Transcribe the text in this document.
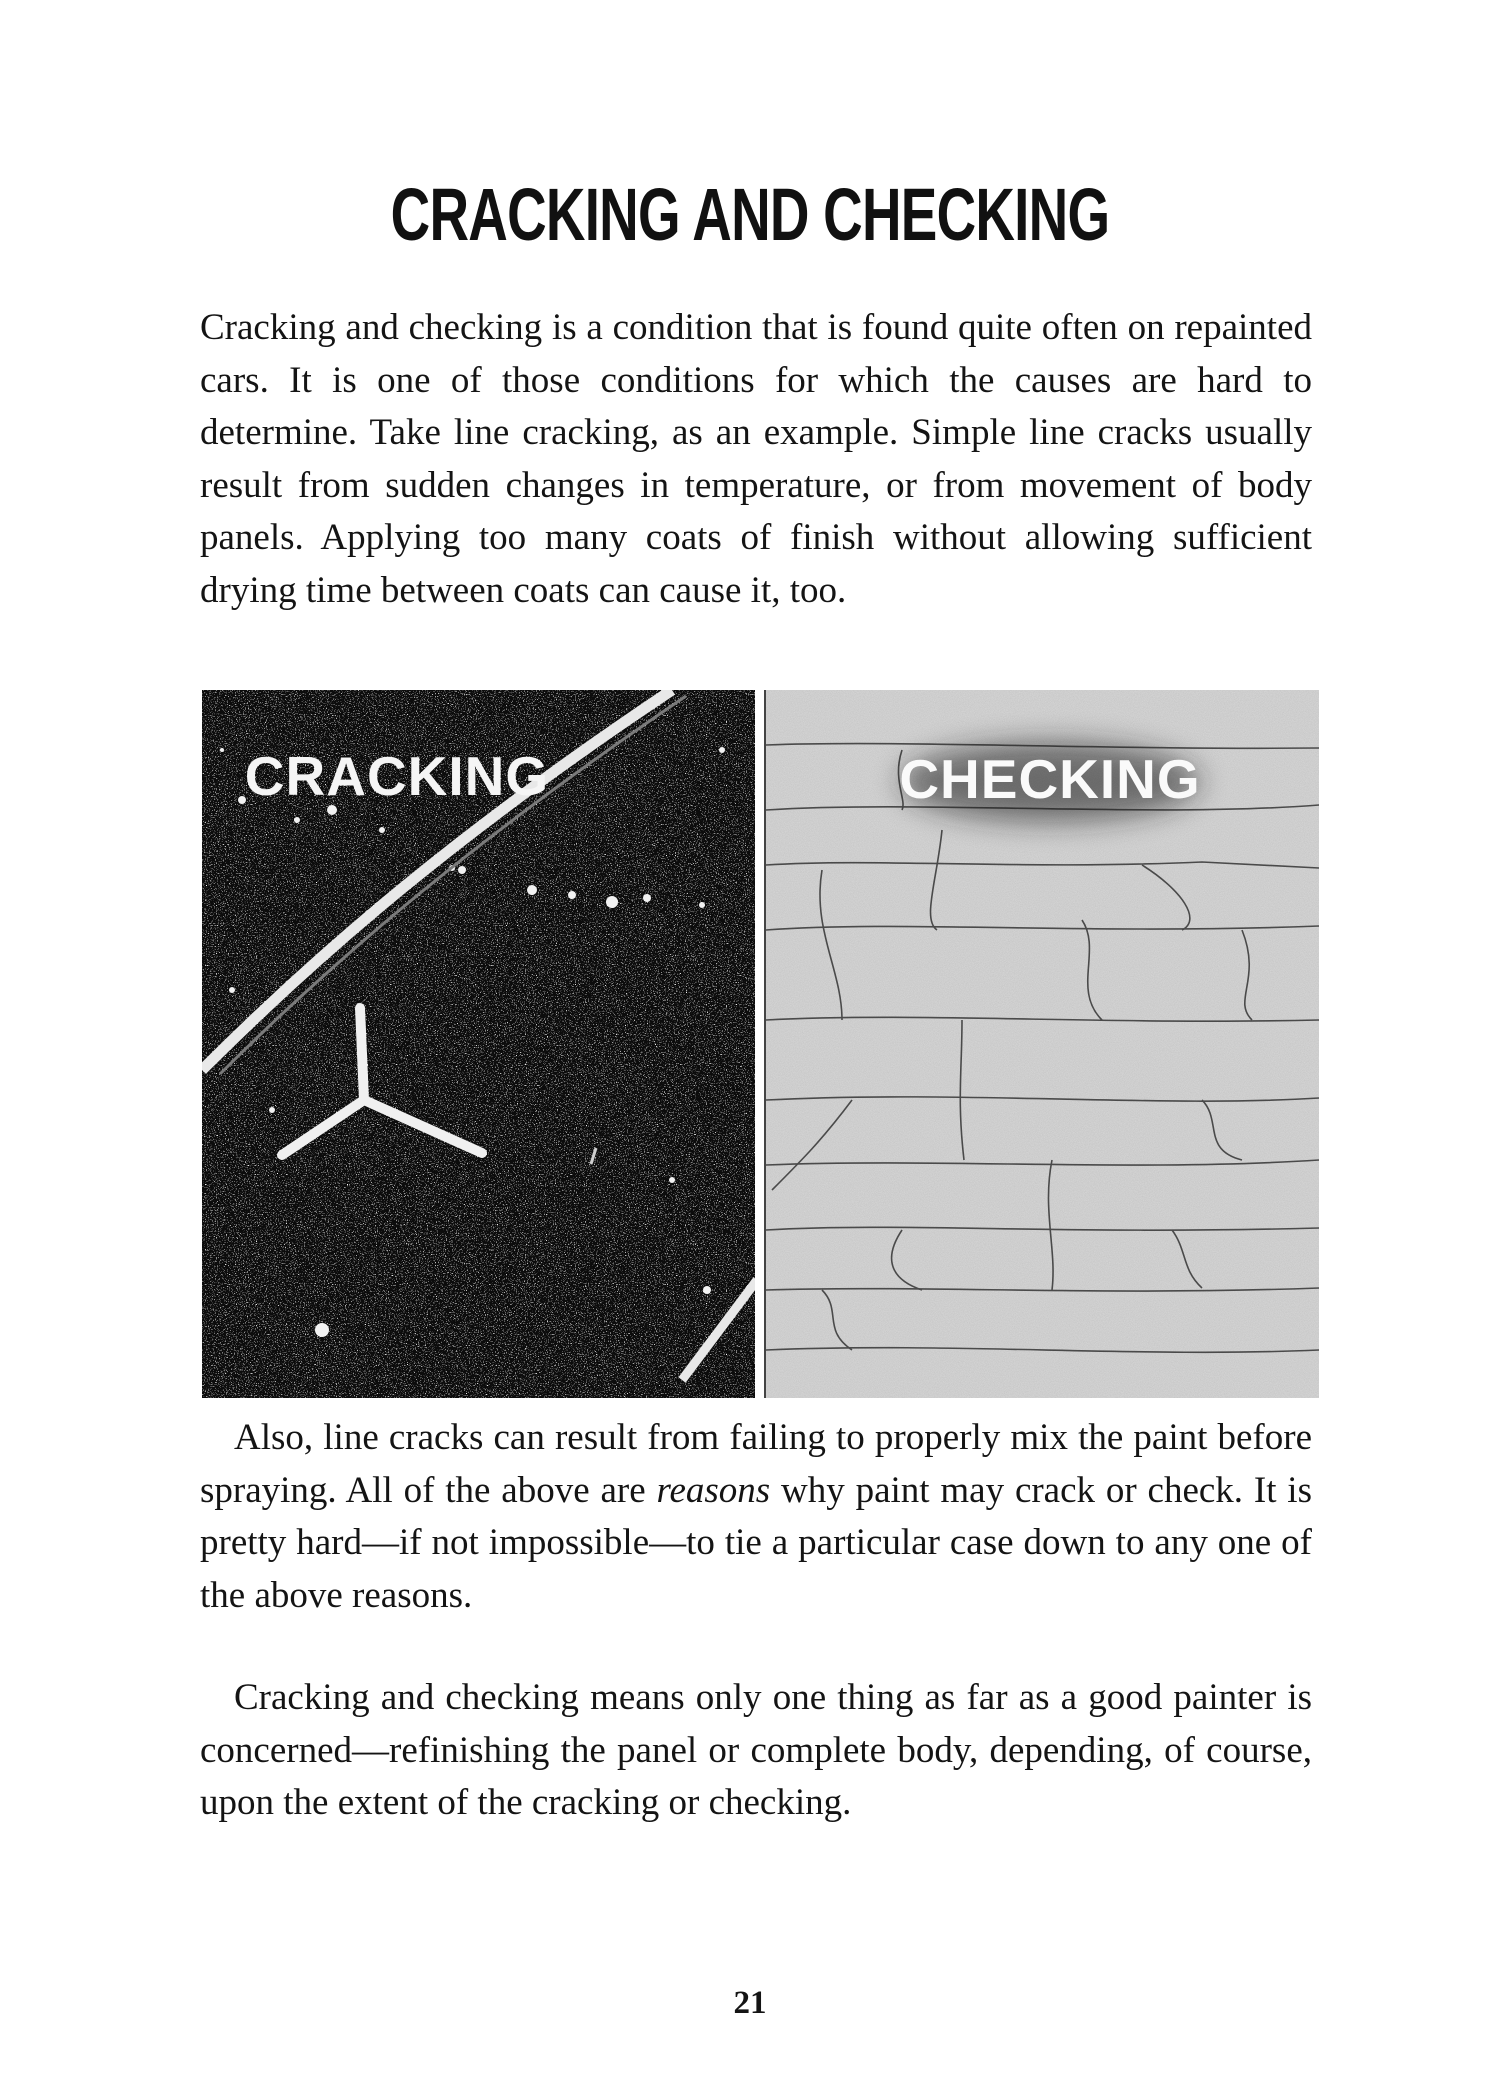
CRACKING AND CHECKING

Cracking and checking is a condition that is found quite often on repainted cars. It is one of those conditions for which the causes are hard to determine. Take line cracking, as an example. Simple line cracks usually result from sudden changes in temperature, or from movement of body panels. Applying too many coats of finish without allowing sufficient drying time between coats can cause it, too.

CRACKING	CHECKING

Also, line cracks can result from failing to properly mix the paint before spraying. All of the above are reasons why paint may crack or check. It is pretty hard—if not impossible—to tie a particular case down to any one of the above reasons.

Cracking and checking means only one thing as far as a good painter is concerned—refinishing the panel or complete body, depending, of course, upon the extent of the cracking or checking.

21
